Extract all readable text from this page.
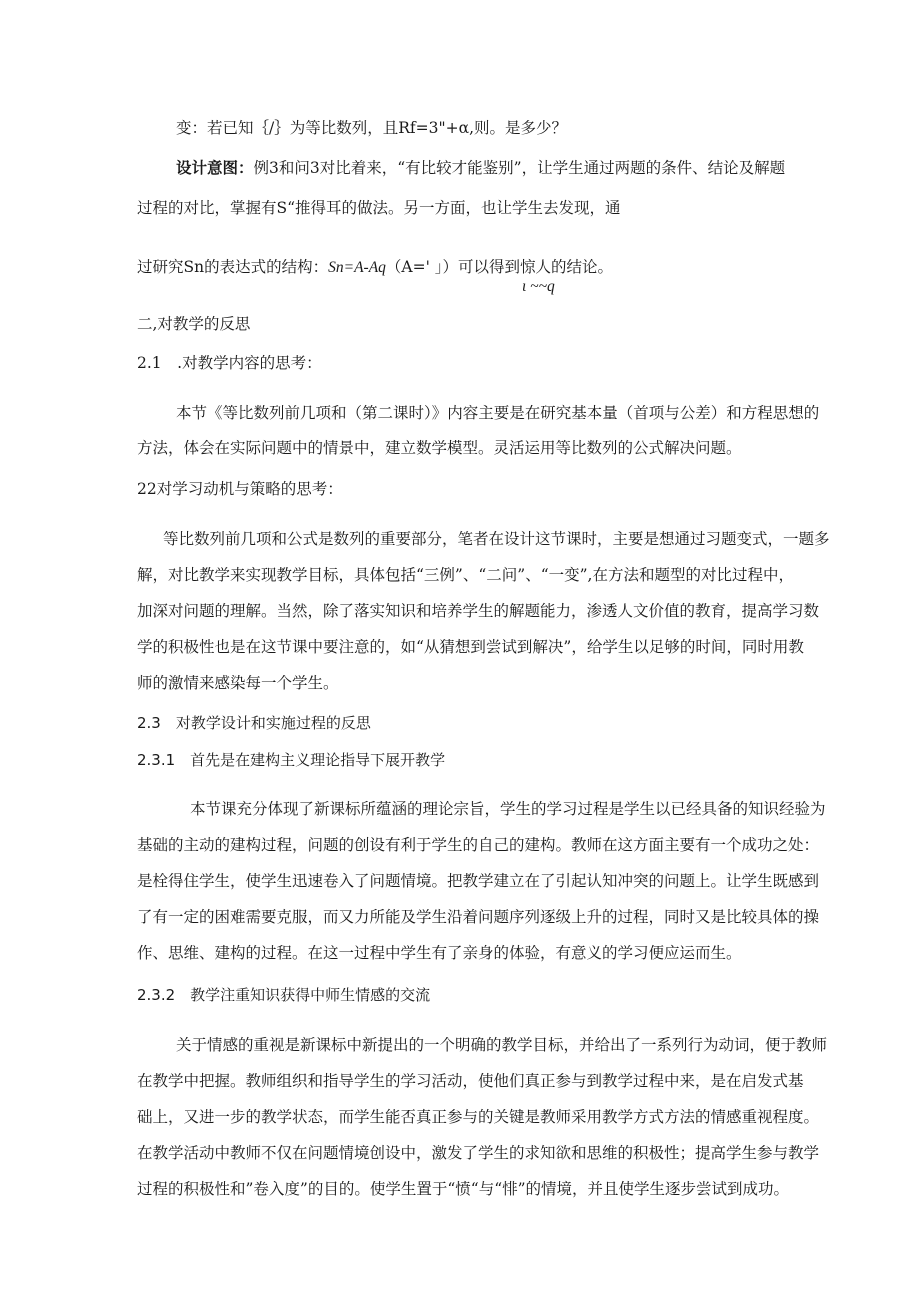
变：若已知｛/｝为等比数列，且Rf=3"+α,则。是多少？

设计意图：例3和问3对比着来，“有比较才能鉴别”，让学生通过两题的条件、结论及解题

过程的对比，掌握有S“推得耳的做法。另一方面，也让学生去发现，通

过研究Sn的表达式的结构：Sn=A-Aq（A=' 」）可以得到惊人的结论。

ι ~~q

二,对教学的反思

2.1　.对教学内容的思考：

本节《等比数列前几项和（第二课时）》内容主要是在研究基本量（首项与公差）和方程思想的

方法，体会在实际问题中的情景中，建立数学模型。灵活运用等比数列的公式解决问题。

22对学习动机与策略的思考：

等比数列前几项和公式是数列的重要部分，笔者在设计这节课时，主要是想通过习题变式，一题多

解，对比教学来实现教学目标，具体包括“三例”、“二问”、“一变”,在方法和题型的对比过程中，

加深对问题的理解。当然，除了落实知识和培养学生的解题能力，渗透人文价值的教育，提高学习数

学的积极性也是在这节课中要注意的，如“从猜想到尝试到解决”，给学生以足够的时间，同时用教

师的激情来感染每一个学生。

2.3　对教学设计和实施过程的反思

2.3.1　首先是在建构主义理论指导下展开教学

本节课充分体现了新课标所蕴涵的理论宗旨，学生的学习过程是学生以已经具备的知识经验为

基础的主动的建构过程，问题的创设有利于学生的自己的建构。教师在这方面主要有一个成功之处：

是栓得住学生，使学生迅速卷入了问题情境。把教学建立在了引起认知冲突的问题上。让学生既感到

了有一定的困难需要克服，而又力所能及学生沿着问题序列逐级上升的过程，同时又是比较具体的操

作、思维、建构的过程。在这一过程中学生有了亲身的体验，有意义的学习便应运而生。

2.3.2　教学注重知识获得中师生情感的交流

关于情感的重视是新课标中新提出的一个明确的教学目标，并给出了一系列行为动词，便于教师

在教学中把握。教师组织和指导学生的学习活动，使他们真正参与到教学过程中来，是在启发式基

础上，又进一步的教学状态，而学生能否真正参与的关键是教师采用教学方式方法的情感重视程度。

在教学活动中教师不仅在问题情境创设中，激发了学生的求知欲和思维的积极性；提高学生参与教学

过程的积极性和”卷入度”的目的。使学生置于“愤“与“悱”的情境，并且使学生逐步尝试到成功。
